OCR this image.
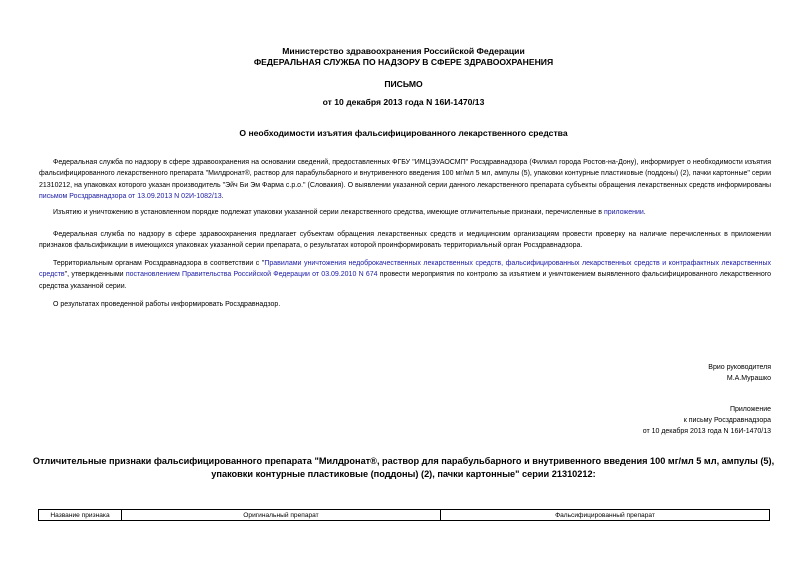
Министерство здравоохранения Российской Федерации
ФЕДЕРАЛЬНАЯ СЛУЖБА ПО НАДЗОРУ В СФЕРЕ ЗДРАВООХРАНЕНИЯ
ПИСЬМО
от 10 декабря 2013 года N 16И-1470/13
О необходимости изъятия фальсифицированного лекарственного средства
Федеральная служба по надзору в сфере здравоохранения на основании сведений, предоставленных ФГБУ "ИМЦЭУАОСМП" Росздравнадзора (Филиал города Ростов-на-Дону), информирует о необходимости изъятия фальсифицированного лекарственного препарата "Милдронат®, раствор для парабульбарного и внутривенного введения 100 мг/мл 5 мл, ампулы (5), упаковки контурные пластиковые (поддоны) (2), пачки картонные" серии 21310212, на упаковках которого указан производитель "Эйч Би Эм Фарма с.р.о." (Словакия). О выявлении указанной серии данного лекарственного препарата субъекты обращения лекарственных средств информированы письмом Росздравнадзора от 13.09.2013 N 02И-1082/13.
Изъятию и уничтожению в установленном порядке подлежат упаковки указанной серии лекарственного средства, имеющие отличительные признаки, перечисленные в приложении.
Федеральная служба по надзору в сфере здравоохранения предлагает субъектам обращения лекарственных средств и медицинским организациям провести проверку на наличие перечисленных в приложении признаков фальсификации в имеющихся упаковках указанной серии препарата, о результатах которой проинформировать территориальный орган Росздравнадзора.
Территориальным органам Росздравнадзора в соответствии с "Правилами уничтожения недоброкачественных лекарственных средств, фальсифицированных лекарственных средств и контрафактных лекарственных средств", утвержденными постановлением Правительства Российской Федерации от 03.09.2010 N 674 провести мероприятия по контролю за изъятием и уничтожением выявленного фальсифицированного лекарственного средства указанной серии.
О результатах проведенной работы информировать Росздравнадзор.
Врио руководителя
М.А.Мурашко
Приложение
к письму Росздравнадзора
от 10 декабря 2013 года N 16И-1470/13
Отличительные признаки фальсифицированного препарата "Милдронат®, раствор для парабульбарного и внутривенного введения 100 мг/мл 5 мл, ампулы (5), упаковки контурные пластиковые (поддоны) (2), пачки картонные" серии 21310212:
Название признака	Оригинальный препарат	Фальсифицированный препарат
